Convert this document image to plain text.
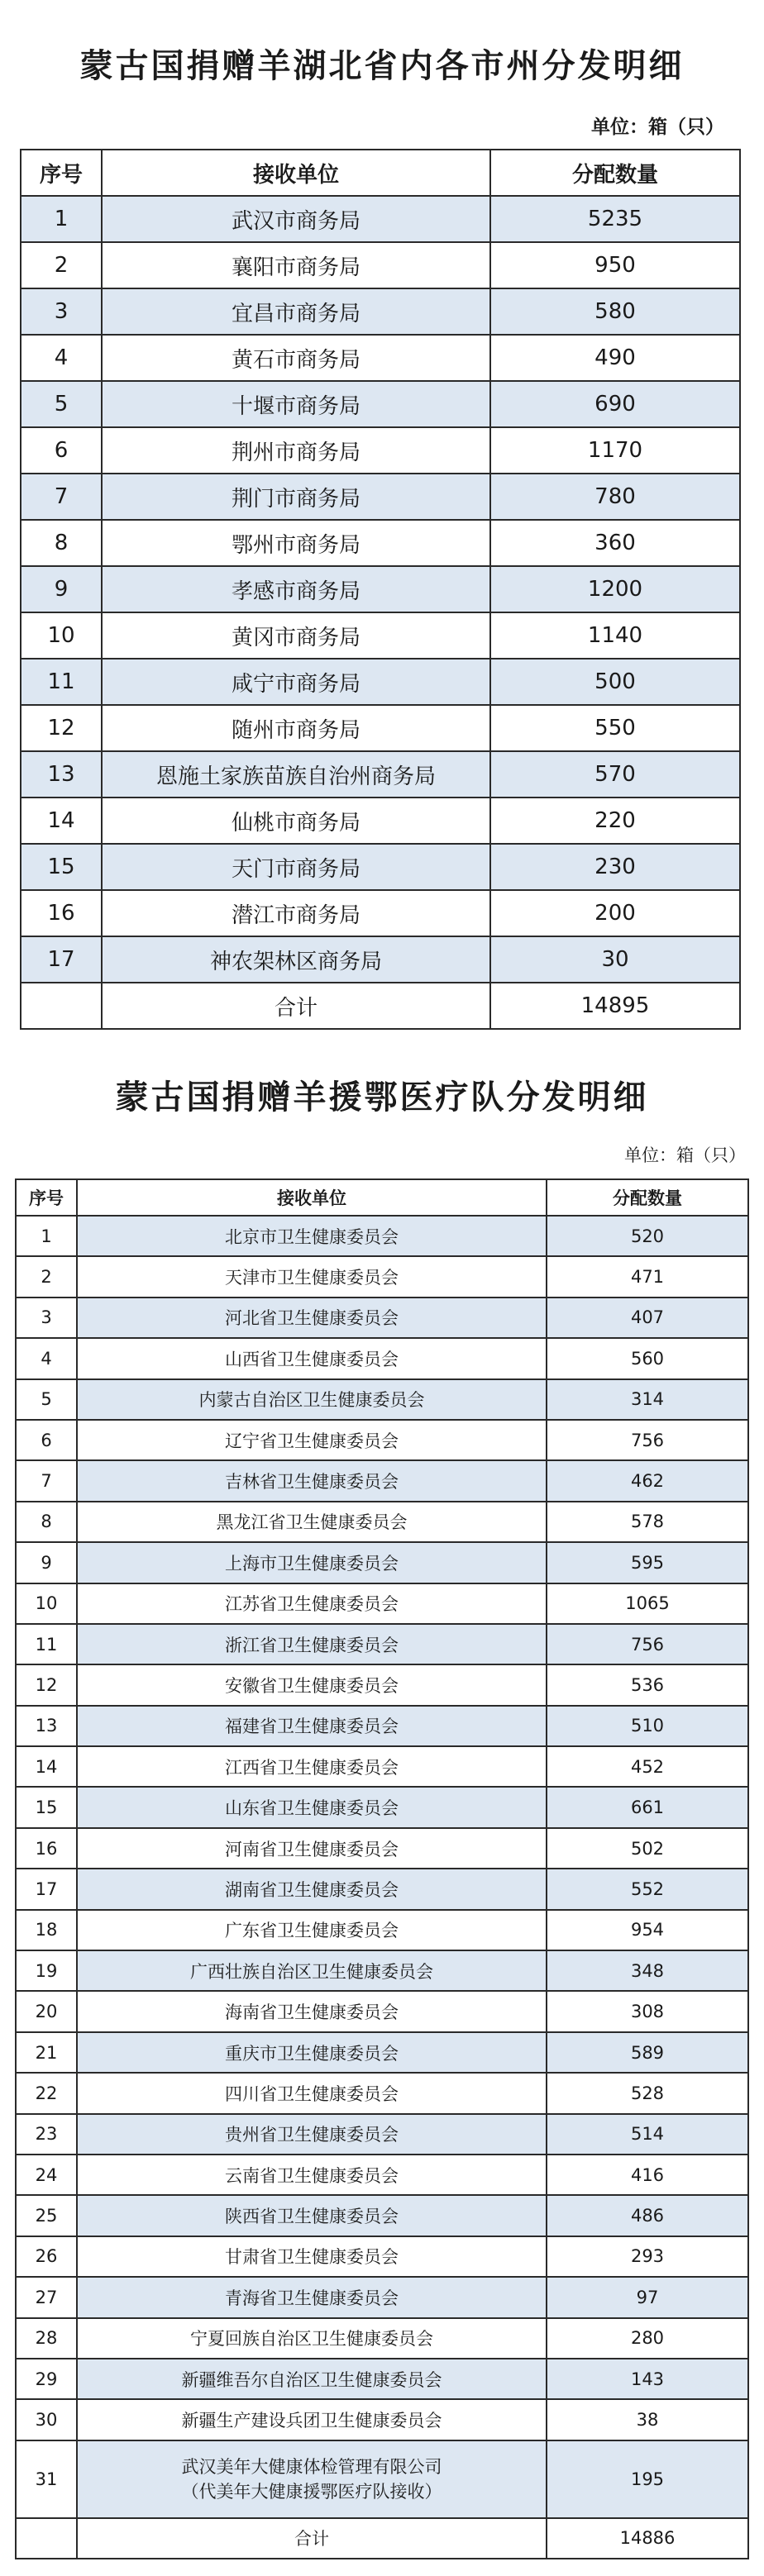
蒙古国捐赠羊湖北省内各市州分发明细
单位：箱（只）
序号	接收单位	分配数量
1	武汉市商务局	5235
2	襄阳市商务局	950
3	宜昌市商务局	580
4	黄石市商务局	490
5	十堰市商务局	690
6	荆州市商务局	1170
7	荆门市商务局	780
8	鄂州市商务局	360
9	孝感市商务局	1200
10	黄冈市商务局	1140
11	咸宁市商务局	500
12	随州市商务局	550
13	恩施土家族苗族自治州商务局	570
14	仙桃市商务局	220
15	天门市商务局	230
16	潜江市商务局	200
17	神农架林区商务局	30
	合计	14895
蒙古国捐赠羊援鄂医疗队分发明细
单位：箱（只）
序号	接收单位	分配数量
1	北京市卫生健康委员会	520
2	天津市卫生健康委员会	471
3	河北省卫生健康委员会	407
4	山西省卫生健康委员会	560
5	内蒙古自治区卫生健康委员会	314
6	辽宁省卫生健康委员会	756
7	吉林省卫生健康委员会	462
8	黑龙江省卫生健康委员会	578
9	上海市卫生健康委员会	595
10	江苏省卫生健康委员会	1065
11	浙江省卫生健康委员会	756
12	安徽省卫生健康委员会	536
13	福建省卫生健康委员会	510
14	江西省卫生健康委员会	452
15	山东省卫生健康委员会	661
16	河南省卫生健康委员会	502
17	湖南省卫生健康委员会	552
18	广东省卫生健康委员会	954
19	广西壮族自治区卫生健康委员会	348
20	海南省卫生健康委员会	308
21	重庆市卫生健康委员会	589
22	四川省卫生健康委员会	528
23	贵州省卫生健康委员会	514
24	云南省卫生健康委员会	416
25	陕西省卫生健康委员会	486
26	甘肃省卫生健康委员会	293
27	青海省卫生健康委员会	97
28	宁夏回族自治区卫生健康委员会	280
29	新疆维吾尔自治区卫生健康委员会	143
30	新疆生产建设兵团卫生健康委员会	38
31	武汉美年大健康体检管理有限公司
（代美年大健康援鄂医疗队接收）	195
	合计	14886
